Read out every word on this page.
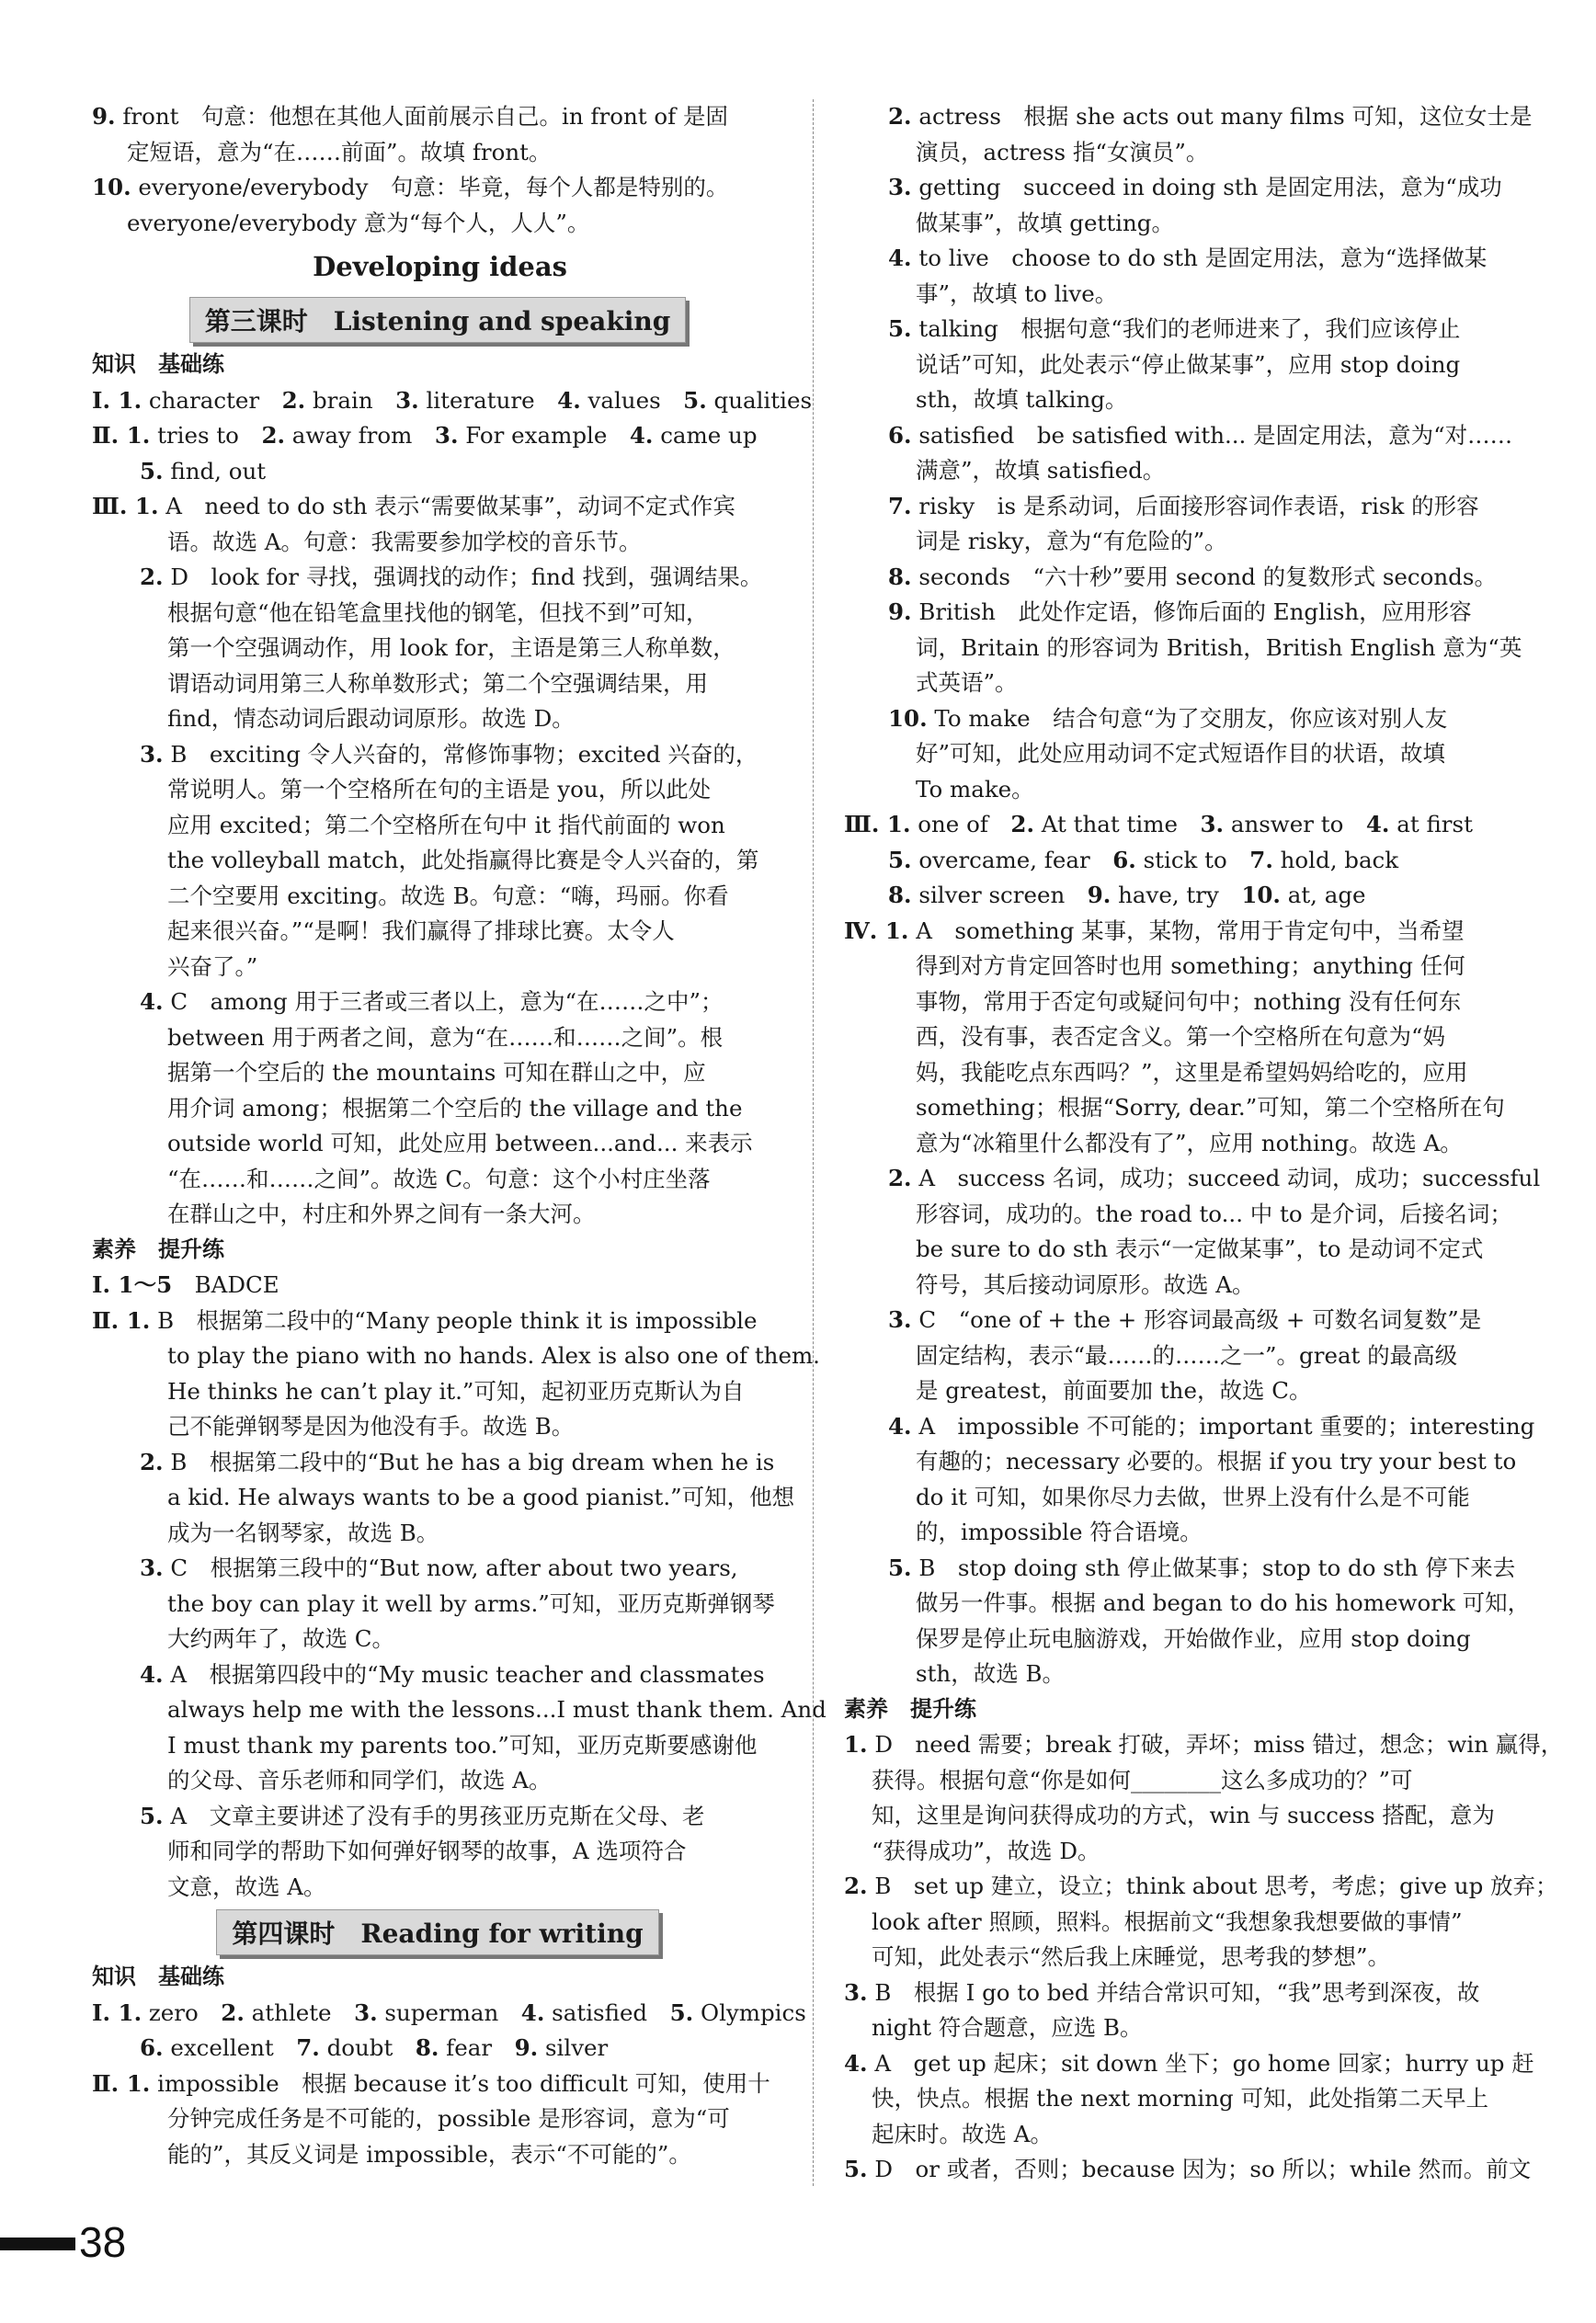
9. front　句意：他想在其他人面前展示自己。in front of 是固
定短语，意为“在……前面”。故填 front。
10. everyone/everybody　句意：毕竟，每个人都是特别的。
everyone/everybody 意为“每个人，人人”。
Developing ideas
第三课时　Listening and speaking
知识　基础练
Ⅰ. 1. character　2. brain　3. literature　4. values　5. qualities
Ⅱ. 1. tries to　2. away from　3. For example　4. came up
5. find, out
Ⅲ. 1. A　need to do sth 表示“需要做某事”，动词不定式作宾
语。故选 A。句意：我需要参加学校的音乐节。
2. D　look for 寻找，强调找的动作；find 找到，强调结果。
根据句意“他在铅笔盒里找他的钢笔，但找不到”可知，
第一个空强调动作，用 look for，主语是第三人称单数，
谓语动词用第三人称单数形式；第二个空强调结果，用
find，情态动词后跟动词原形。故选 D。
3. B　exciting 令人兴奋的，常修饰事物；excited 兴奋的，
常说明人。第一个空格所在句的主语是 you，所以此处
应用 excited；第二个空格所在句中 it 指代前面的 won
the volleyball match，此处指赢得比赛是令人兴奋的，第
二个空要用 exciting。故选 B。句意：“嗨，玛丽。你看
起来很兴奋。”“是啊！我们赢得了排球比赛。太令人
兴奋了。”
4. C　among 用于三者或三者以上，意为“在……之中”；
between 用于两者之间，意为“在……和……之间”。根
据第一个空后的 the mountains 可知在群山之中，应
用介词 among；根据第二个空后的 the village and the
outside world 可知，此处应用 between...and... 来表示
“在……和……之间”。故选 C。句意：这个小村庄坐落
在群山之中，村庄和外界之间有一条大河。
素养　提升练
Ⅰ. 1～5　BADCE
Ⅱ. 1. B　根据第二段中的“Many people think it is impossible
to play the piano with no hands. Alex is also one of them.
He thinks he can’t play it.”可知，起初亚历克斯认为自
己不能弹钢琴是因为他没有手。故选 B。
2. B　根据第二段中的“But he has a big dream when he is
a kid. He always wants to be a good pianist.”可知，他想
成为一名钢琴家，故选 B。
3. C　根据第三段中的“But now, after about two years,
the boy can play it well by arms.”可知，亚历克斯弹钢琴
大约两年了，故选 C。
4. A　根据第四段中的“My music teacher and classmates
always help me with the lessons...I must thank them. And
I must thank my parents too.”可知，亚历克斯要感谢他
的父母、音乐老师和同学们，故选 A。
5. A　文章主要讲述了没有手的男孩亚历克斯在父母、老
师和同学的帮助下如何弹好钢琴的故事，A 选项符合
文意，故选 A。
第四课时　Reading for writing
知识　基础练
Ⅰ. 1. zero　2. athlete　3. superman　4. satisfied　5. Olympics
6. excellent　7. doubt　8. fear　9. silver
Ⅱ. 1. impossible　根据 because it’s too difficult 可知，使用十
分钟完成任务是不可能的，possible 是形容词，意为“可
能的”，其反义词是 impossible，表示“不可能的”。
2. actress　根据 she acts out many films 可知，这位女士是
演员，actress 指“女演员”。
3. getting　succeed in doing sth 是固定用法，意为“成功
做某事”，故填 getting。
4. to live　choose to do sth 是固定用法，意为“选择做某
事”，故填 to live。
5. talking　根据句意“我们的老师进来了，我们应该停止
说话”可知，此处表示“停止做某事”，应用 stop doing
sth，故填 talking。
6. satisfied　be satisfied with... 是固定用法，意为“对……
满意”，故填 satisfied。
7. risky　is 是系动词，后面接形容词作表语，risk 的形容
词是 risky，意为“有危险的”。
8. seconds　“六十秒”要用 second 的复数形式 seconds。
9. British　此处作定语，修饰后面的 English，应用形容
词，Britain 的形容词为 British，British English 意为“英
式英语”。
10. To make　结合句意“为了交朋友，你应该对别人友
好”可知，此处应用动词不定式短语作目的状语，故填
To make。
Ⅲ. 1. one of　2. At that time　3. answer to　4. at first
5. overcame, fear　6. stick to　7. hold, back
8. silver screen　9. have, try　10. at, age
Ⅳ. 1. A　something 某事，某物，常用于肯定句中，当希望
得到对方肯定回答时也用 something；anything 任何
事物，常用于否定句或疑问句中；nothing 没有任何东
西，没有事，表否定含义。第一个空格所在句意为“妈
妈，我能吃点东西吗？”，这里是希望妈妈给吃的，应用
something；根据“Sorry, dear.”可知，第二个空格所在句
意为“冰箱里什么都没有了”，应用 nothing。故选 A。
2. A　success 名词，成功；succeed 动词，成功；successful
形容词，成功的。the road to... 中 to 是介词，后接名词；
be sure to do sth 表示“一定做某事”，to 是动词不定式
符号，其后接动词原形。故选 A。
3. C　“one of + the + 形容词最高级 + 可数名词复数”是
固定结构，表示“最……的……之一”。great 的最高级
是 greatest，前面要加 the，故选 C。
4. A　impossible 不可能的；important 重要的；interesting
有趣的；necessary 必要的。根据 if you try your best to
do it 可知，如果你尽力去做，世界上没有什么是不可能
的，impossible 符合语境。
5. B　stop doing sth 停止做某事；stop to do sth 停下来去
做另一件事。根据 and began to do his homework 可知，
保罗是停止玩电脑游戏，开始做作业，应用 stop doing
sth，故选 B。
素养　提升练
1. D　need 需要；break 打破，弄坏；miss 错过，想念；win 赢得，
获得。根据句意“你是如何________这么多成功的？”可
知，这里是询问获得成功的方式，win 与 success 搭配，意为
“获得成功”，故选 D。
2. B　set up 建立，设立；think about 思考，考虑；give up 放弃；
look after 照顾，照料。根据前文“我想象我想要做的事情”
可知，此处表示“然后我上床睡觉，思考我的梦想”。
3. B　根据 I go to bed 并结合常识可知，“我”思考到深夜，故
night 符合题意，应选 B。
4. A　get up 起床；sit down 坐下；go home 回家；hurry up 赶
快，快点。根据 the next morning 可知，此处指第二天早上
起床时。故选 A。
5. D　or 或者，否则；because 因为；so 所以；while 然而。前文
38
